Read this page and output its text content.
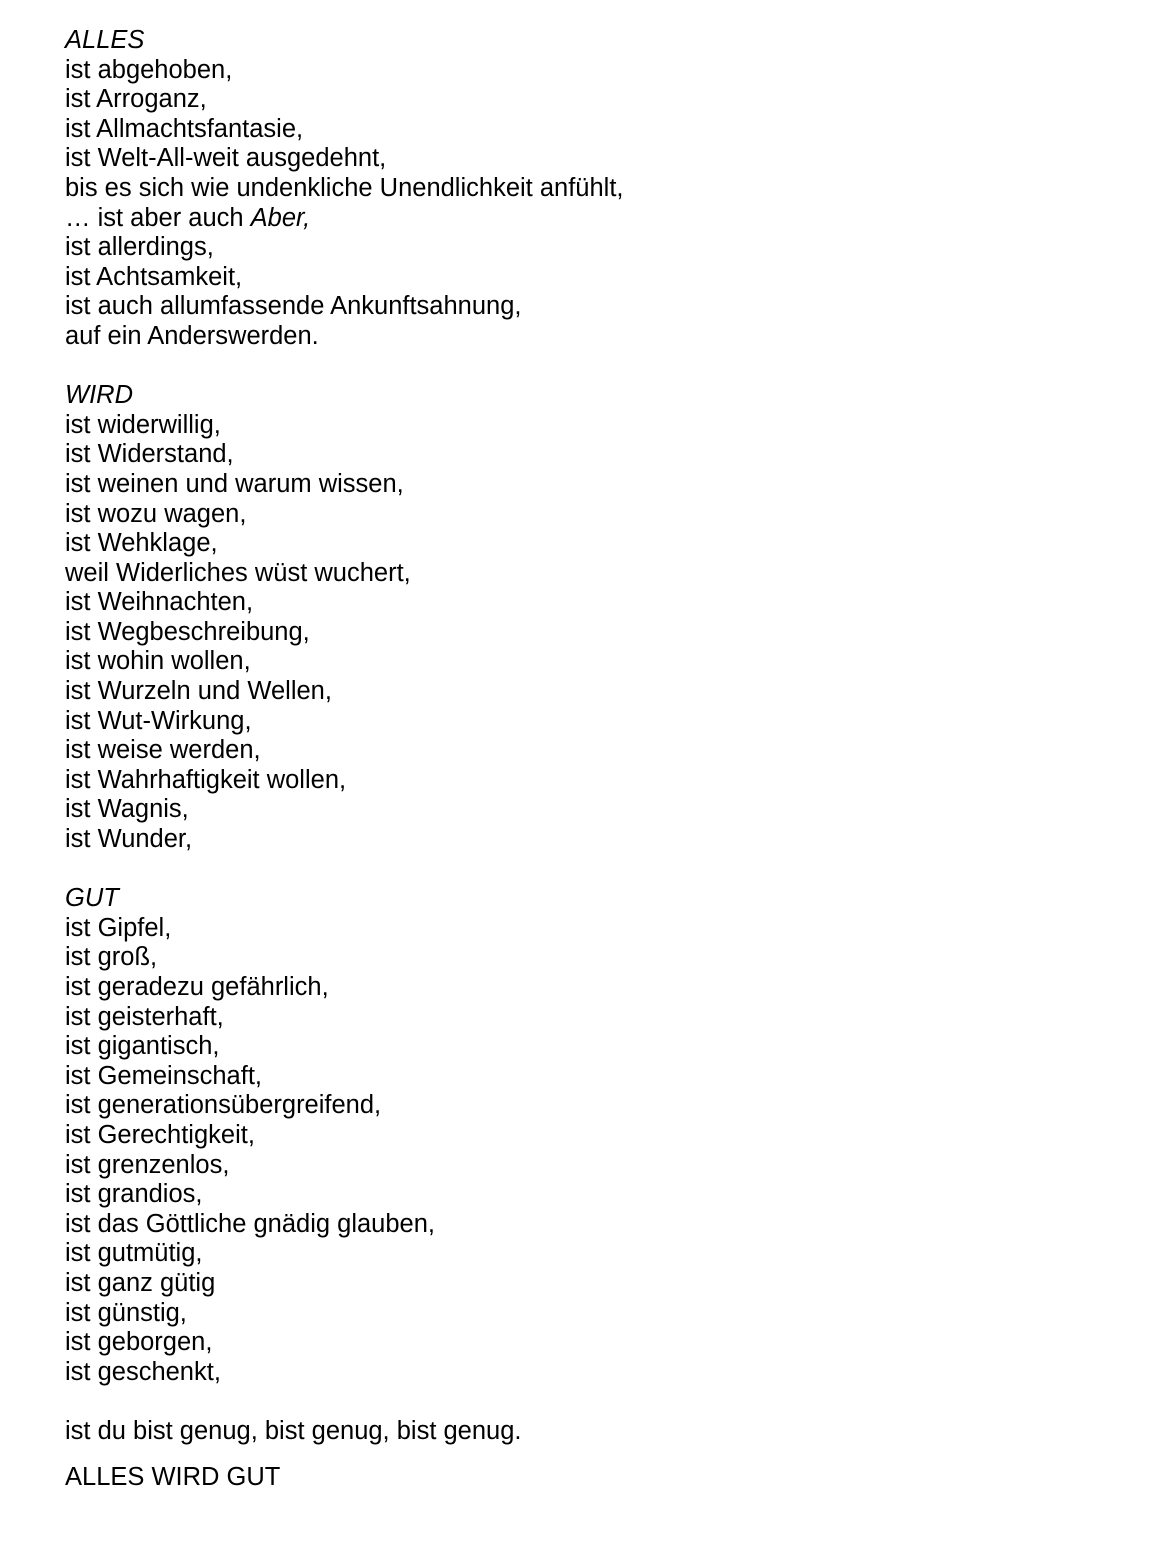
ALLES
ist abgehoben,
ist Arroganz,
ist Allmachtsfantasie,
ist Welt-All-weit ausgedehnt,
bis es sich wie undenkliche Unendlichkeit anfühlt,
… ist aber auch Aber,
ist allerdings,
ist Achtsamkeit,
ist auch allumfassende Ankunftsahnung,
auf ein Anderswerden.
WIRD
ist widerwillig,
ist Widerstand,
ist weinen und warum wissen,
ist wozu wagen,
ist Wehklage,
weil Widerliches wüst wuchert,
ist Weihnachten,
ist Wegbeschreibung,
ist wohin wollen,
ist Wurzeln und Wellen,
ist Wut-Wirkung,
ist weise werden,
ist Wahrhaftigkeit wollen,
ist Wagnis,
ist Wunder,
GUT
ist Gipfel,
ist groß,
ist geradezu gefährlich,
ist geisterhaft,
ist gigantisch,
ist Gemeinschaft,
ist generationsübergreifend,
ist Gerechtigkeit,
ist grenzenlos,
ist grandios,
ist das Göttliche gnädig glauben,
ist gutmütig,
ist ganz gütig
ist günstig,
ist geborgen,
ist geschenkt,
ist du bist genug, bist genug, bist genug.
ALLES WIRD GUT
